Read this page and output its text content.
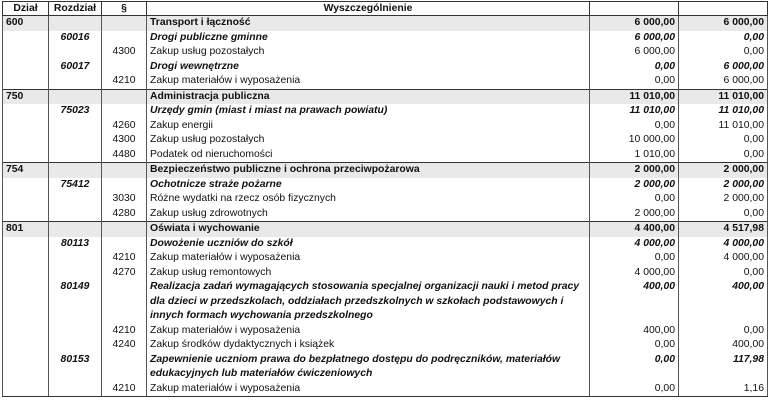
Dział	Rozdział	§	Wyszczególnienie		
600			Transport i łączność	6 000,00	6 000,00
	60016		Drogi publiczne gminne	6 000,00	0,00
		4300	Zakup usług pozostałych	6 000,00	0,00
	60017		Drogi wewnętrzne	0,00	6 000,00
		4210	Zakup materiałów i wyposażenia	0,00	6 000,00
750			Administracja publiczna	11 010,00	11 010,00
	75023		Urzędy gmin (miast i miast na prawach powiatu)	11 010,00	11 010,00
		4260	Zakup energii	0,00	11 010,00
		4300	Zakup usług pozostałych	10 000,00	0,00
		4480	Podatek od nieruchomości	1 010,00	0,00
754			Bezpieczeństwo publiczne i ochrona przeciwpożarowa	2 000,00	2 000,00
	75412		Ochotnicze straże pożarne	2 000,00	2 000,00
		3030	Różne wydatki na rzecz osób fizycznych	0,00	2 000,00
		4280	Zakup usług zdrowotnych	2 000,00	0,00
801			Oświata i wychowanie	4 400,00	4 517,98
	80113		Dowożenie uczniów do szkół	4 000,00	4 000,00
		4210	Zakup materiałów i wyposażenia	0,00	4 000,00
		4270	Zakup usług remontowych	4 000,00	0,00
	80149		Realizacja zadań wymagających stosowania specjalnej organizacji nauki i metod pracy dla dzieci w przedszkolach, oddziałach przedszkolnych w szkołach podstawowych i innych formach wychowania przedszkolnego	400,00	400,00
		4210	Zakup materiałów i wyposażenia	400,00	0,00
		4240	Zakup środków dydaktycznych i książek	0,00	400,00
	80153		Zapewnienie uczniom prawa do bezpłatnego dostępu do podręczników, materiałów edukacyjnych lub materiałów ćwiczeniowych	0,00	117,98
		4210	Zakup materiałów i wyposażenia	0,00	1,16
